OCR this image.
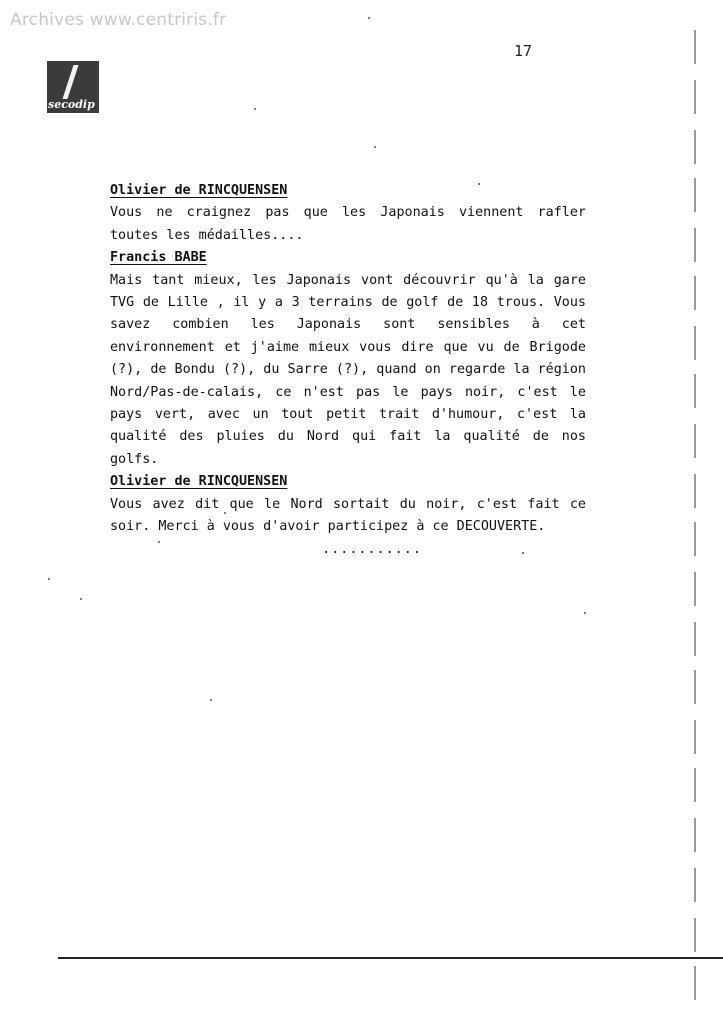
Archives www.centriris.fr
17
secodip
Olivier de RINCQUENSEN
Vous ne craignez pas que les Japonais viennent rafler toutes les médailles....
Francis BABE
Mais tant mieux, les Japonais vont découvrir qu'à la gare TVG de Lille , il y a 3 terrains de golf de 18 trous. Vous savez combien les Japonais sont sensibles à cet environnement et j'aime mieux vous dire que vu de Brigode (?), de Bondu (?), du Sarre (?), quand on regarde la région Nord/Pas-de-calais, ce n'est pas le pays noir, c'est le pays vert, avec un tout petit trait d'humour, c'est la qualité des pluies du Nord qui fait la qualité de nos golfs.
Olivier de RINCQUENSEN
Vous avez dit que le Nord sortait du noir, c'est fait ce soir. Merci à vous d'avoir participez à ce DECOUVERTE.
...........
